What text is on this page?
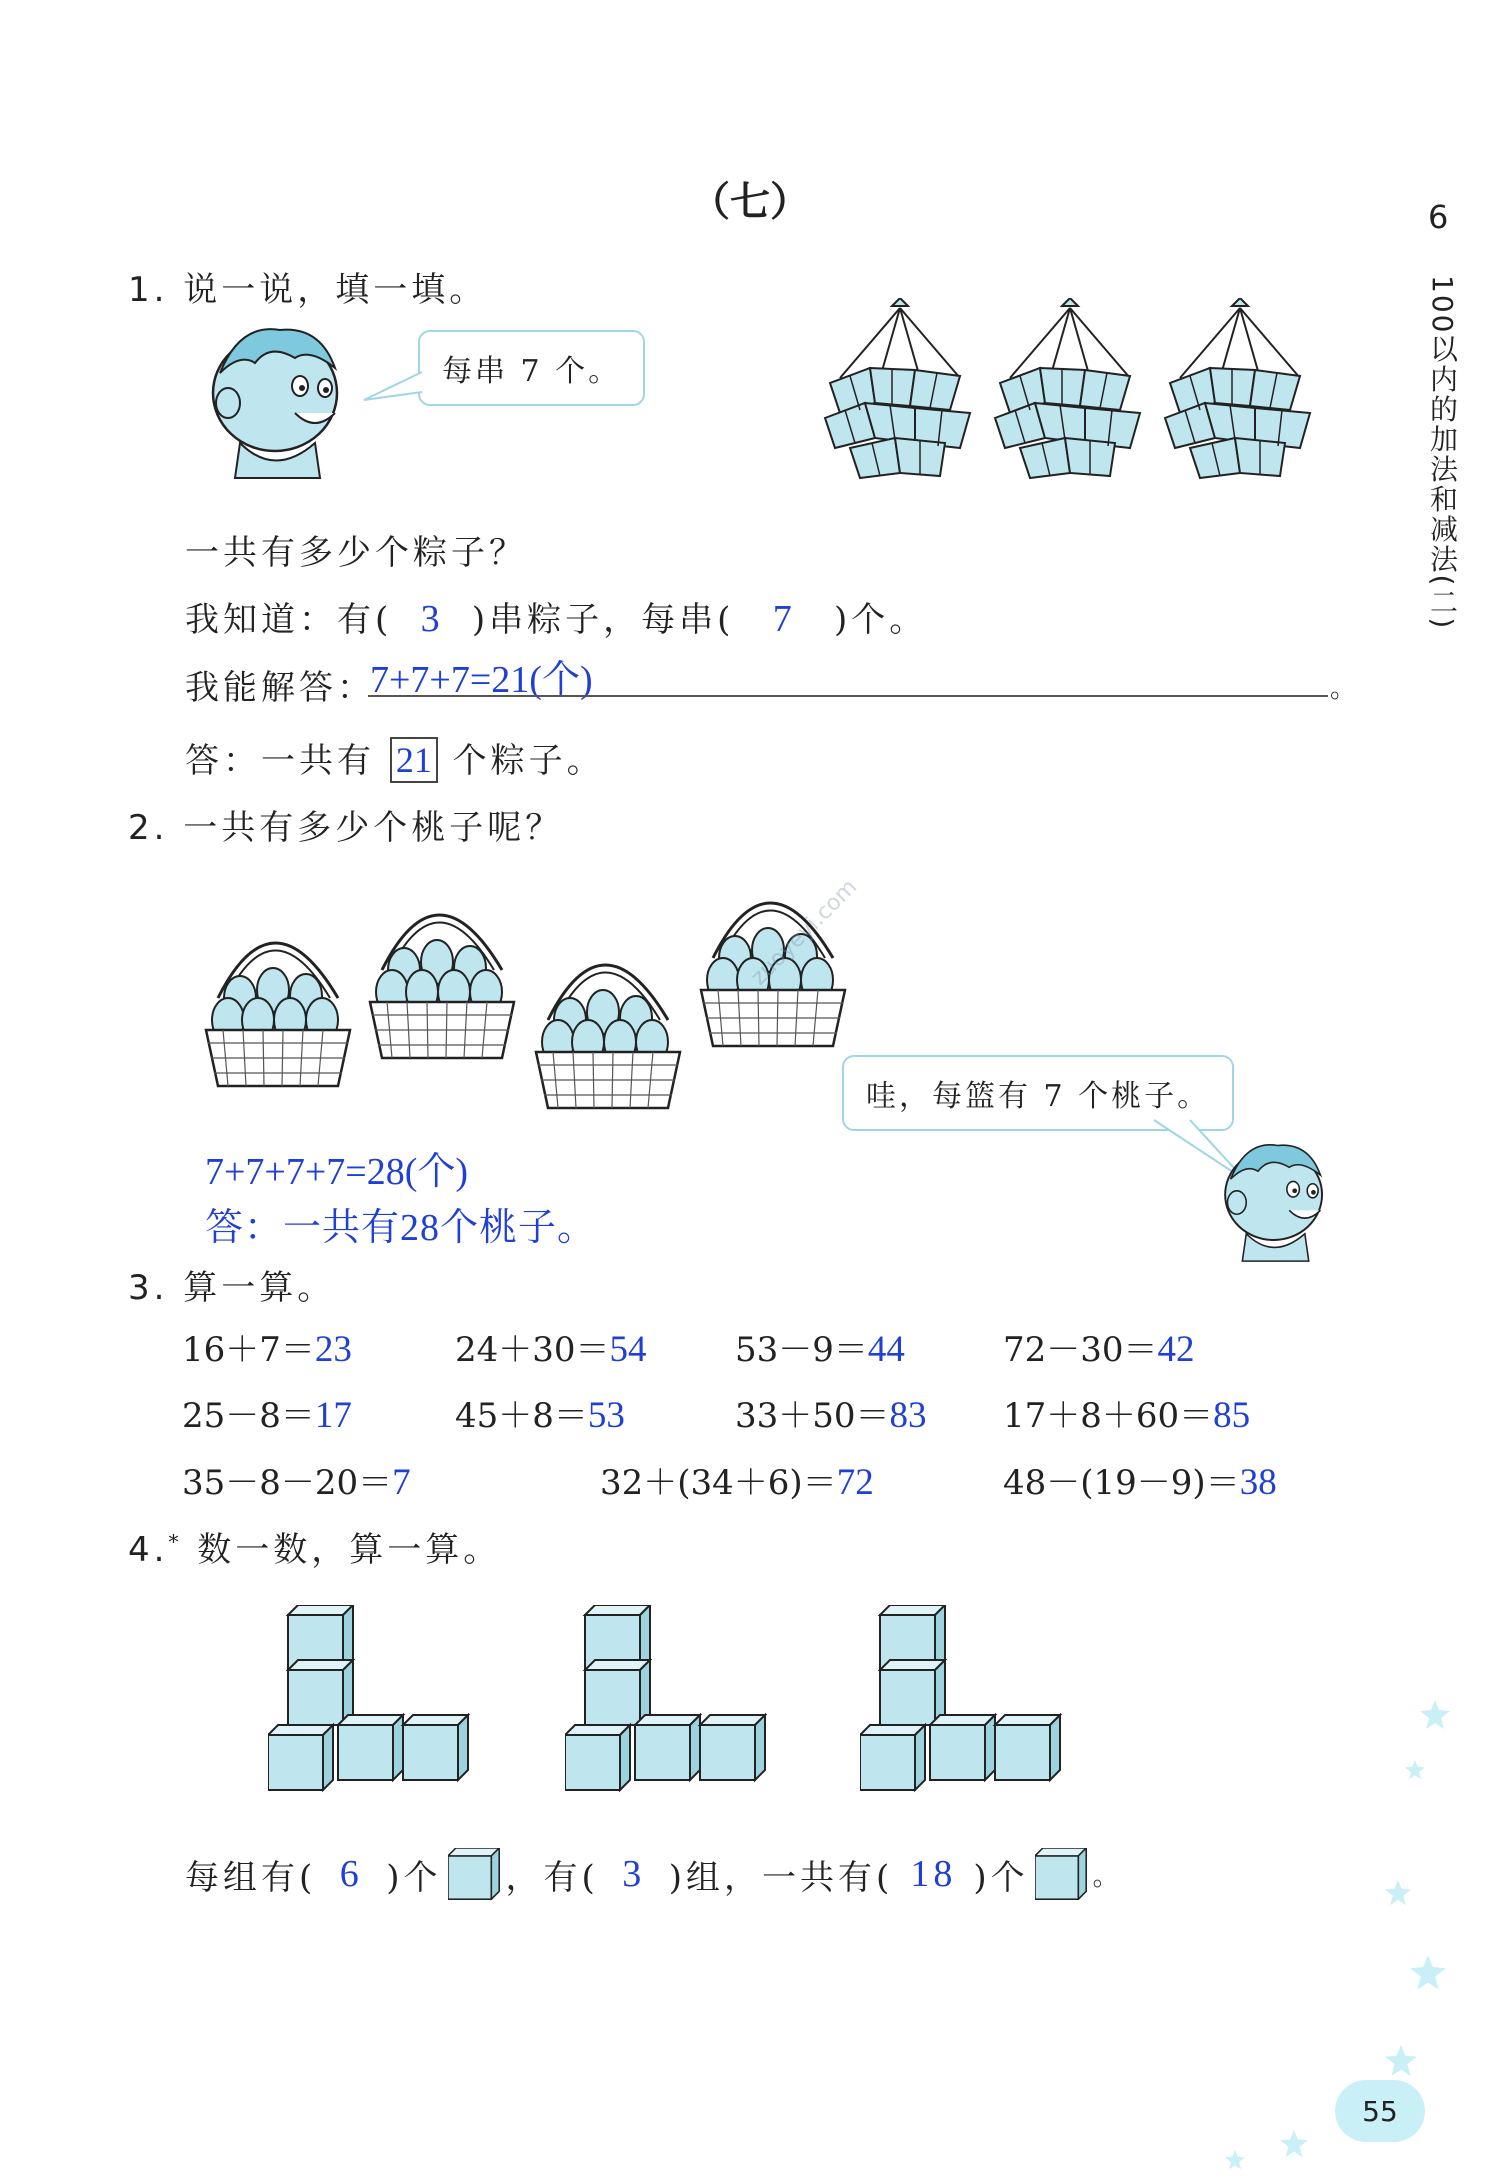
（七）	6
100以内的加法和减法(二)
1. 说一说，填一填。
每串 7 个。
一共有多少个粽子？
我知道：有( 3 )串粽子，每串( 7 )个。
我能解答：
7+7+7=21(个)	。
答：一共有 21 个粽子。
2. 一共有多少个桃子呢？
zuoyeyi.com
哇，每篮有 7 个桃子。
7+7+7+7=28(个)
答：一共有28个桃子。
3. 算一算。
16＋7＝23	24＋30＝54	53－9＝44	72－30＝42
25－8＝17	45＋8＝53	33＋50＝83 17＋8＋60＝85
35－8－20＝7	32＋(34＋6)＝72	48－(19－9)＝38
4.* 数一数，算一算。
每组有( 6 )个 ，有( 3 )组，一共有( 18 )个 。
55
